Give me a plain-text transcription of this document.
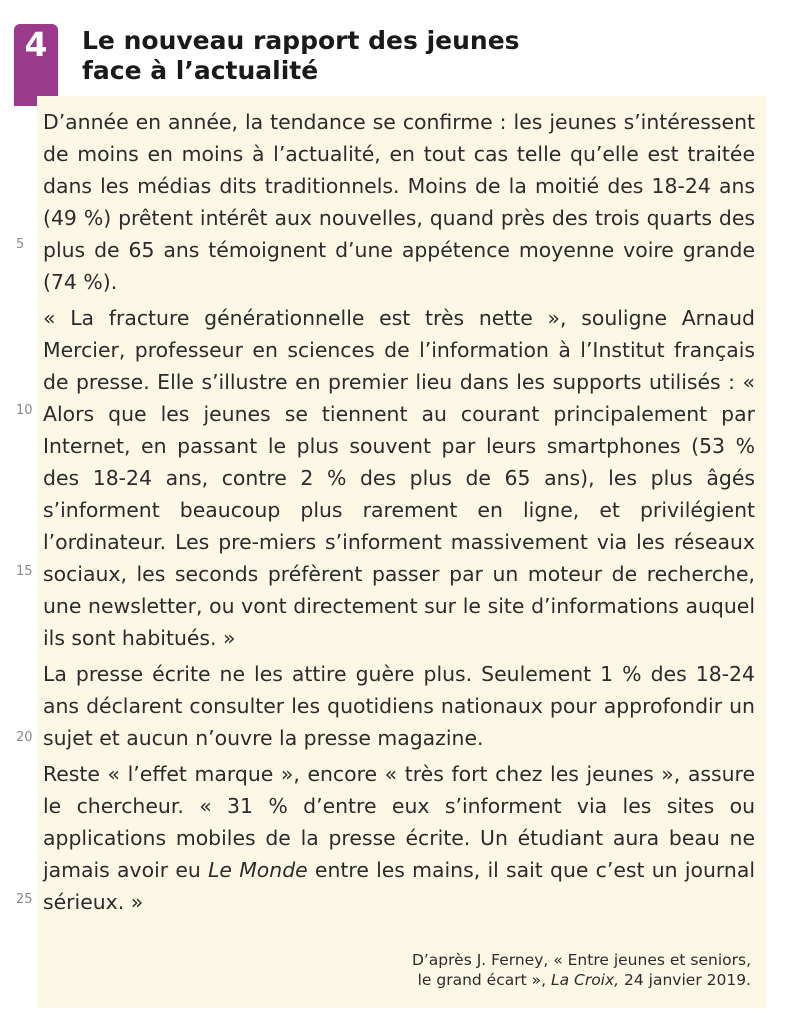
4	Le nouveau rapport des jeunes
face à l’actualité
5
10
15
20
25

D’année en année, la tendance se confirme : les jeunes s’intéressent de moins en moins à l’actualité, en tout cas telle qu’elle est traitée dans les médias dits traditionnels. Moins de la moitié des 18-24 ans (49 %) prêtent intérêt aux nouvelles, quand près des trois quarts des plus de 65 ans témoignent d’une appétence moyenne voire grande (74 %).

« La fracture générationnelle est très nette », souligne Arnaud Mercier, professeur en sciences de l’information à l’Institut français de presse. Elle s’illustre en premier lieu dans les supports utilisés : « Alors que les jeunes se tiennent au courant principalement par Internet, en passant le plus souvent par leurs smartphones (53 % des 18-24 ans, contre 2 % des plus de 65 ans), les plus âgés s’informent beaucoup plus rarement en ligne, et privilégient l’ordinateur. Les pre-miers s’informent massivement via les réseaux sociaux, les seconds préfèrent passer par un moteur de recherche, une newsletter, ou vont directement sur le site d’informations auquel ils sont habitués. »

La presse écrite ne les attire guère plus. Seulement 1 % des 18-24 ans déclarent consulter les quotidiens nationaux pour approfondir un sujet et aucun n’ouvre la presse magazine.

Reste « l’effet marque », encore « très fort chez les jeunes », assure le chercheur. « 31 % d’entre eux s’informent via les sites ou applications mobiles de la presse écrite. Un étudiant aura beau ne jamais avoir eu Le Monde entre les mains, il sait que c’est un journal sérieux. »

D’après J. Ferney, « Entre jeunes et seniors,
le grand écart », La Croix, 24 janvier 2019.
